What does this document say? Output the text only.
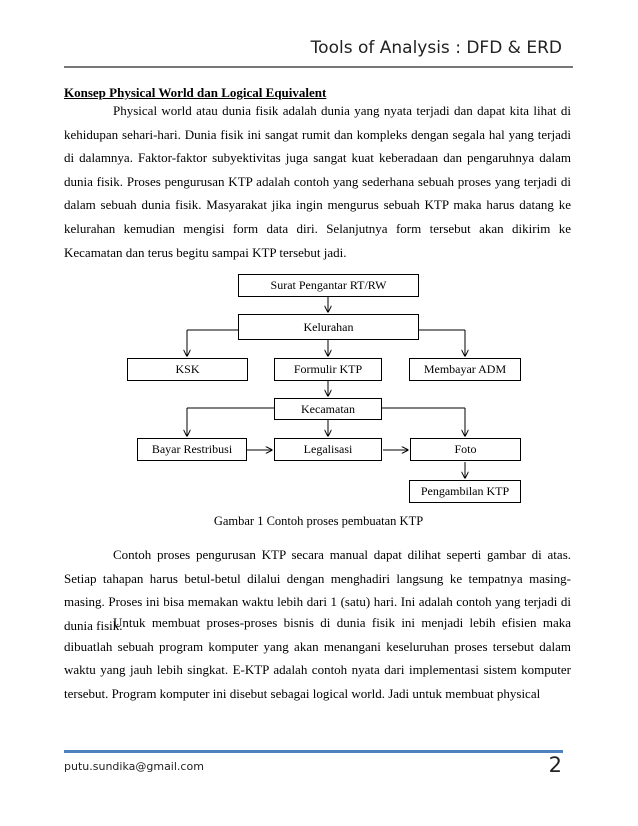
Tools of Analysis : DFD & ERD
Konsep Physical World dan Logical Equivalent

Physical world atau dunia fisik adalah dunia yang nyata terjadi dan dapat kita lihat di kehidupan sehari-hari. Dunia fisik ini sangat rumit dan kompleks dengan segala hal yang terjadi di dalamnya. Faktor-faktor subyektivitas juga sangat kuat keberadaan dan pengaruhnya dalam dunia fisik. Proses pengurusan KTP adalah contoh yang sederhana sebuah proses yang terjadi di dalam sebuah dunia fisik. Masyarakat jika ingin mengurus sebuah KTP maka harus datang ke kelurahan kemudian mengisi form data diri. Selanjutnya form tersebut akan dikirim ke Kecamatan dan terus begitu sampai KTP tersebut jadi.

Surat Pengantar RT/RW
Kelurahan
KSK	Formulir KTP	Membayar ADM
Kecamatan
Bayar Restribusi	Legalisasi	Foto
Pengambilan KTP
Gambar 1 Contoh proses pembuatan KTP

Contoh proses pengurusan KTP secara manual dapat dilihat seperti gambar di atas. Setiap tahapan harus betul-betul dilalui dengan menghadiri langsung ke tempatnya masing-masing. Proses ini bisa memakan waktu lebih dari 1 (satu) hari. Ini adalah contoh yang terjadi di dunia fisik.

Untuk membuat proses-proses bisnis di dunia fisik ini menjadi lebih efisien maka dibuatlah sebuah program komputer yang akan menangani keseluruhan proses tersebut dalam waktu yang jauh lebih singkat. E-KTP adalah contoh nyata dari implementasi sistem komputer tersebut. Program komputer ini disebut sebagai logical world. Jadi untuk membuat physical

putu.sundika@gmail.com	2
